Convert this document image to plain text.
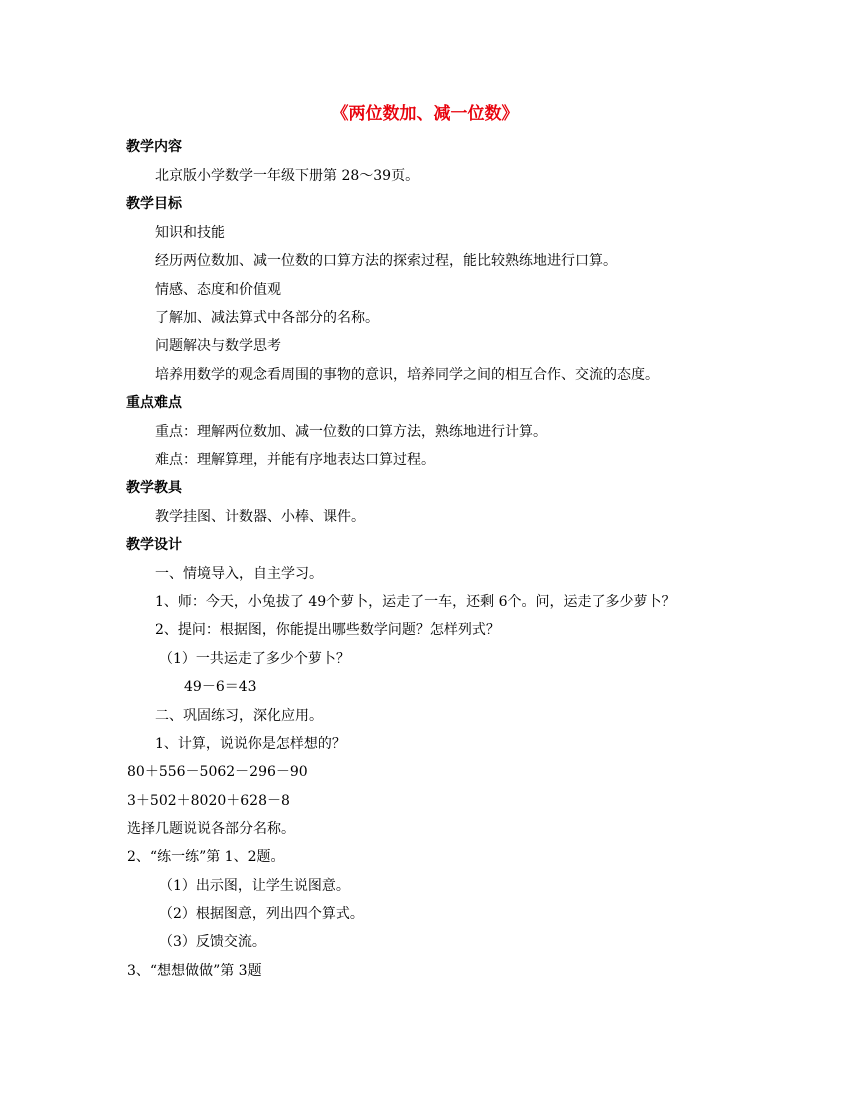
《两位数加、减一位数》
教学内容
北京版小学数学一年级下册第 28～39页。
教学目标
知识和技能
经历两位数加、减一位数的口算方法的探索过程，能比较熟练地进行口算。
情感、态度和价值观
了解加、减法算式中各部分的名称。
问题解决与数学思考
培养用数学的观念看周围的事物的意识，培养同学之间的相互合作、交流的态度。
重点难点
重点：理解两位数加、减一位数的口算方法，熟练地进行计算。
难点：理解算理，并能有序地表达口算过程。
教学教具
教学挂图、计数器、小棒、课件。
教学设计
一、情境导入，自主学习。
1、师：今天，小兔拔了 49个萝卜，运走了一车，还剩 6个。问，运走了多少萝卜？
2、提问：根据图，你能提出哪些数学问题？怎样列式？
（1）一共运走了多少个萝卜？
49－6＝43
二、巩固练习，深化应用。
1、计算，说说你是怎样想的？
80＋556－5062－296－90
3＋502＋8020＋628－8
选择几题说说各部分名称。
2、“练一练”第 1、2题。
（1）出示图，让学生说图意。
（2）根据图意，列出四个算式。
（3）反馈交流。
3、“想想做做”第 3题
